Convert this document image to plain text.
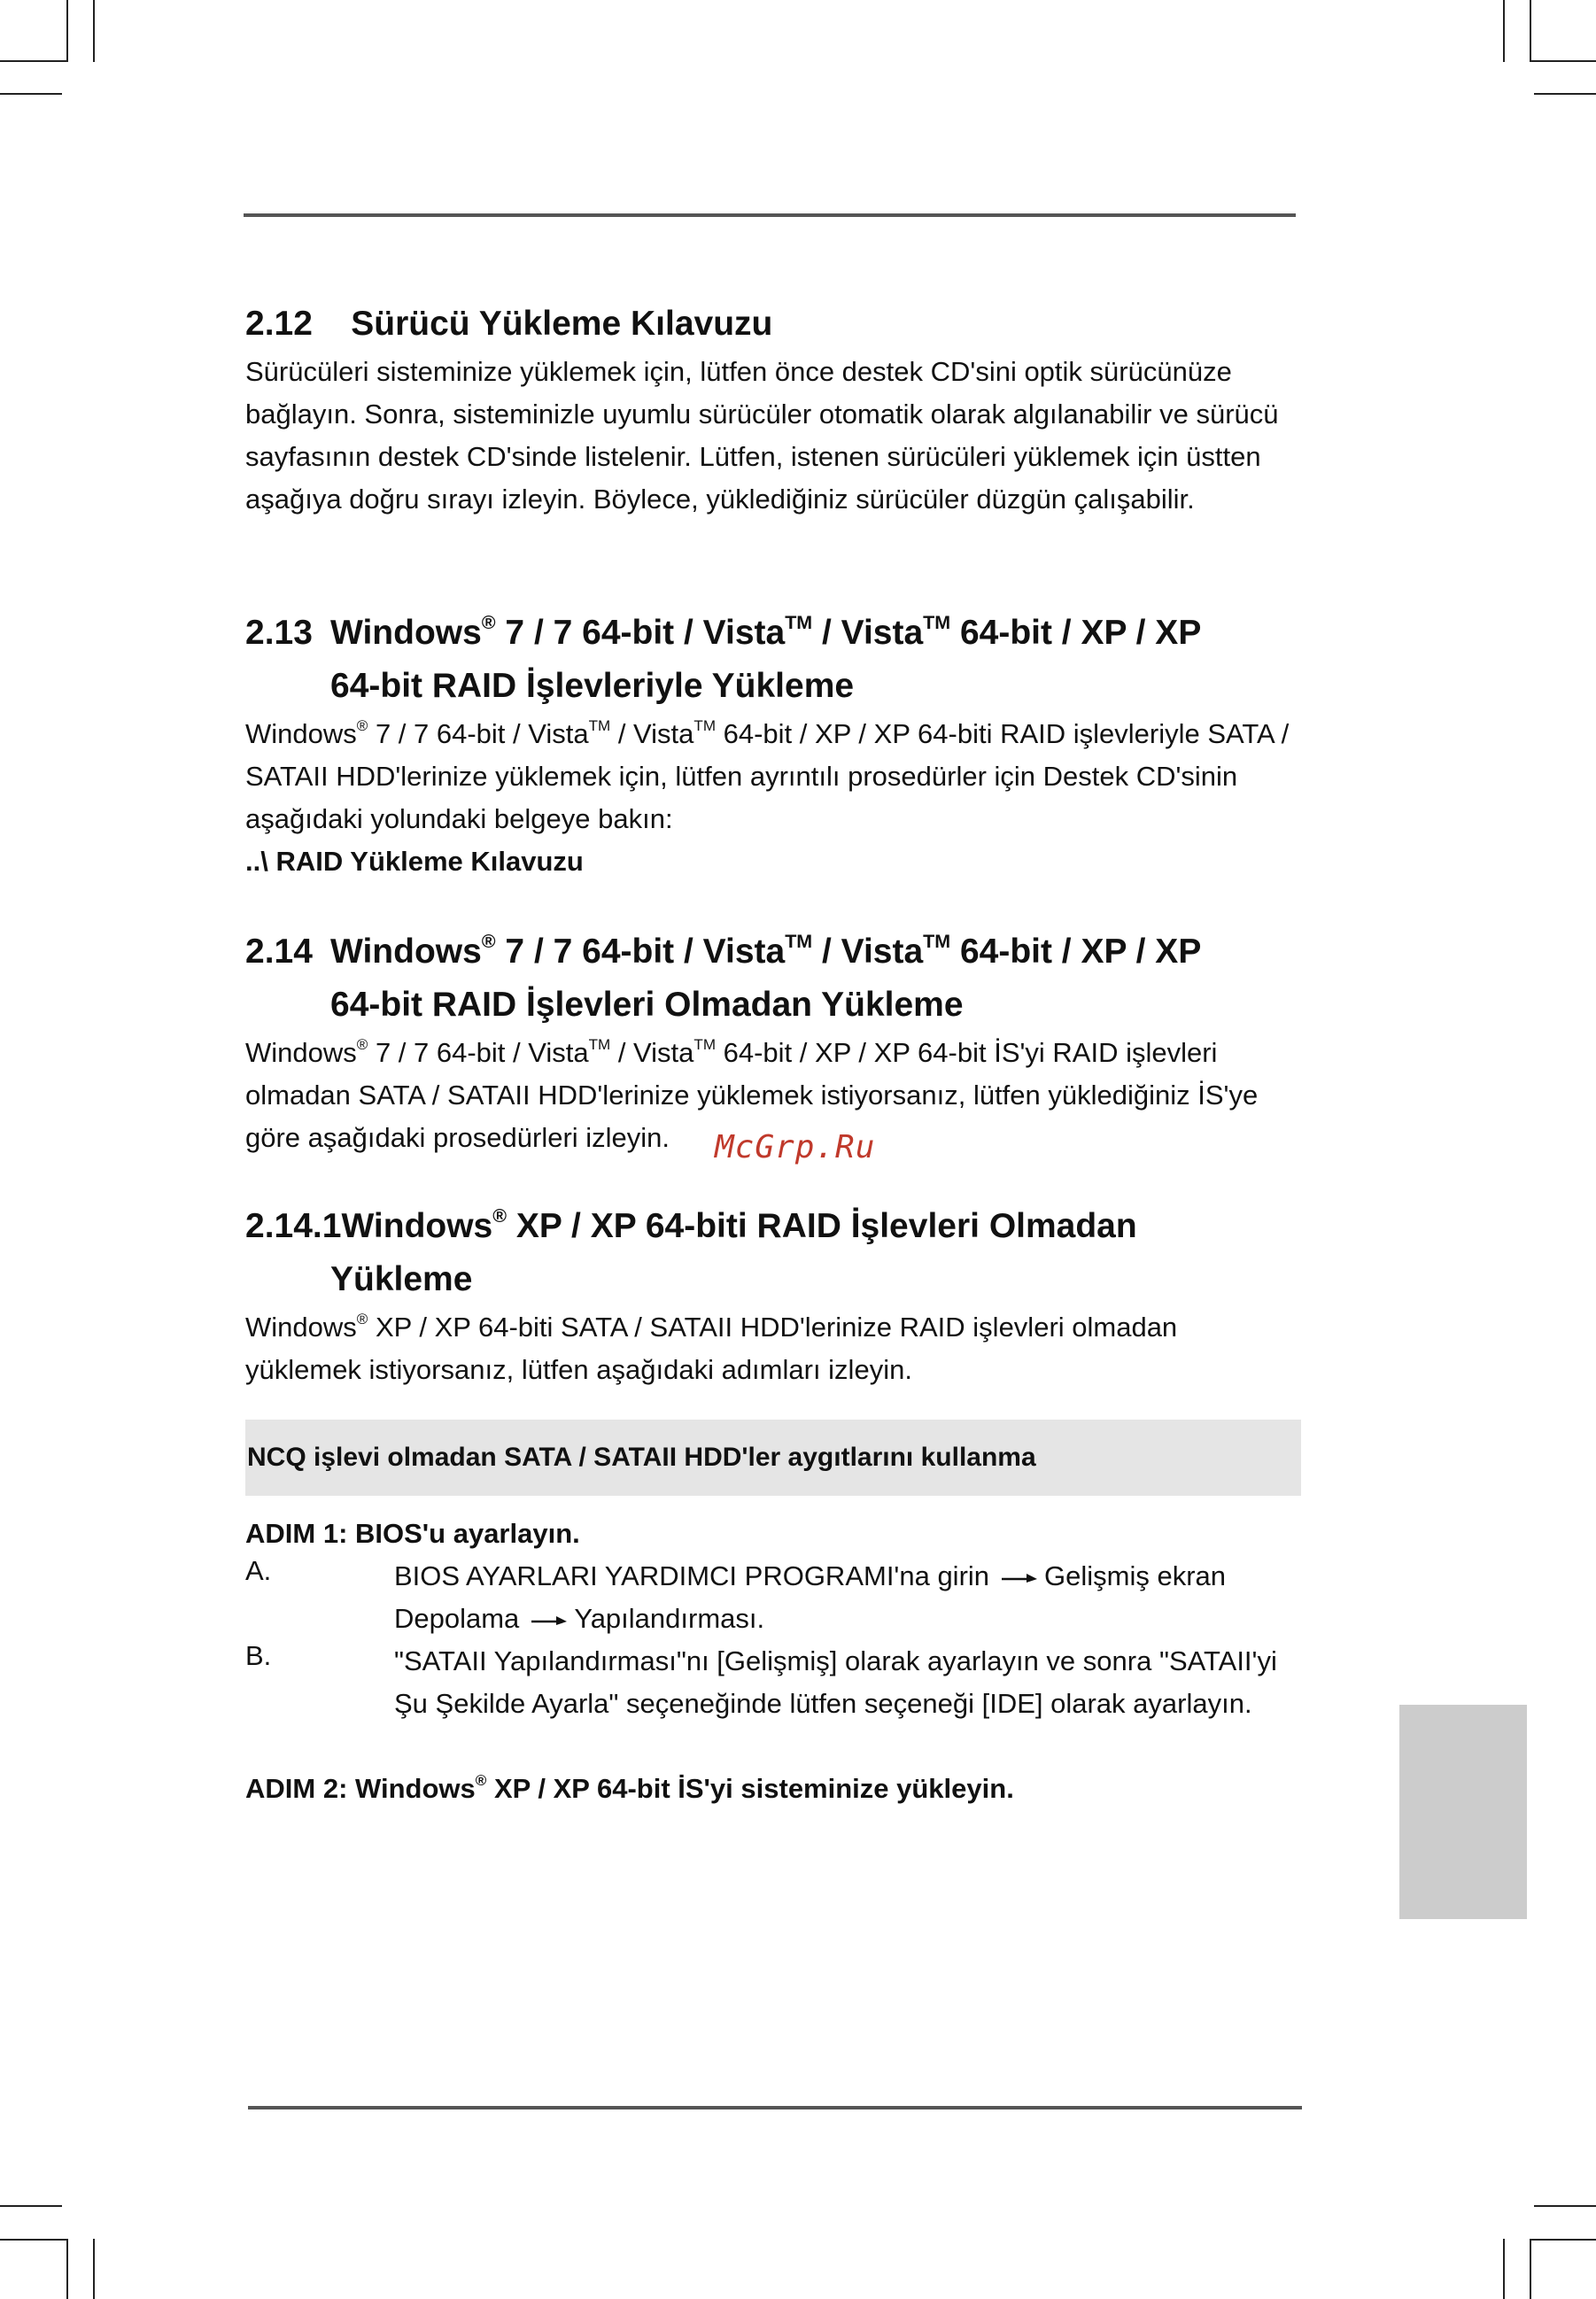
2.12    Sürücü Yükleme Kılavuzu

Sürücüleri sisteminize yüklemek için, lütfen önce destek CD'sini optik sürücünüze bağlayın. Sonra, sisteminizle uyumlu sürücüler otomatik olarak algılanabilir ve sürücü sayfasının destek CD'sinde listelenir. Lütfen, istenen sürücüleri yüklemek için üstten aşağıya doğru sırayı izleyin. Böylece, yüklediğiniz sürücüler düzgün çalışabilir.

2.13 Windows® 7 / 7 64-bit / Vista™ / Vista™ 64-bit / XP / XP
64-bit RAID İşlevleriyle Yükleme

Windows® 7 / 7 64-bit / Vista™ / Vista™ 64-bit / XP / XP 64-biti RAID işlevleriyle SATA / SATAII HDD'lerinize yüklemek için, lütfen ayrıntılı prosedürler için Destek CD'sinin aşağıdaki yolundaki belgeye bakın:

..\ RAID Yükleme Kılavuzu

2.14 Windows® 7 / 7 64-bit / Vista™ / Vista™ 64-bit / XP / XP
64-bit RAID İşlevleri Olmadan Yükleme

Windows® 7 / 7 64-bit / Vista™ / Vista™ 64-bit / XP / XP 64-bit İS'yi RAID işlevleri olmadan SATA / SATAII HDD'lerinize yüklemek istiyorsanız, lütfen yüklediğiniz İS'ye göre aşağıdaki prosedürleri izleyin.	McGrp.Ru
2.14.1Windows® XP / XP 64-biti RAID İşlevleri Olmadan
Yükleme

Windows® XP / XP 64-biti SATA / SATAII HDD'lerinize RAID işlevleri olmadan yüklemek istiyorsanız, lütfen aşağıdaki adımları izleyin.

NCQ işlevi olmadan SATA / SATAII HDD'ler aygıtlarını kullanma
ADIM 1: BIOS'u ayarlayın.
A.	BIOS AYARLARI YARDIMCI PROGRAMI'na girin Gelişmiş ekran
Depolama Yapılandırması.
B.	"SATAII Yapılandırması"nı [Gelişmiş] olarak ayarlayın ve sonra "SATAII'yi Şu Şekilde Ayarla" seçeneğinde lütfen seçeneği [IDE] olarak ayarlayın.
ADIM 2: Windows® XP / XP 64-bit İS'yi sisteminize yükleyin.
